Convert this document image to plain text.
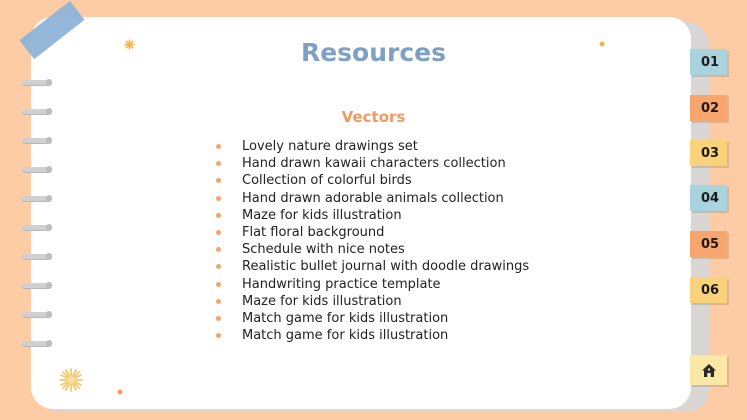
Resources
Vectors
Lovely nature drawings set
Hand drawn kawaii characters collection
Collection of colorful birds
Hand drawn adorable animals collection
Maze for kids illustration
Flat floral background
Schedule with nice notes
Realistic bullet journal with doodle drawings
Handwriting practice template
Maze for kids illustration
Match game for kids illustration
Match game for kids illustration
01
02
03
04
05
06
